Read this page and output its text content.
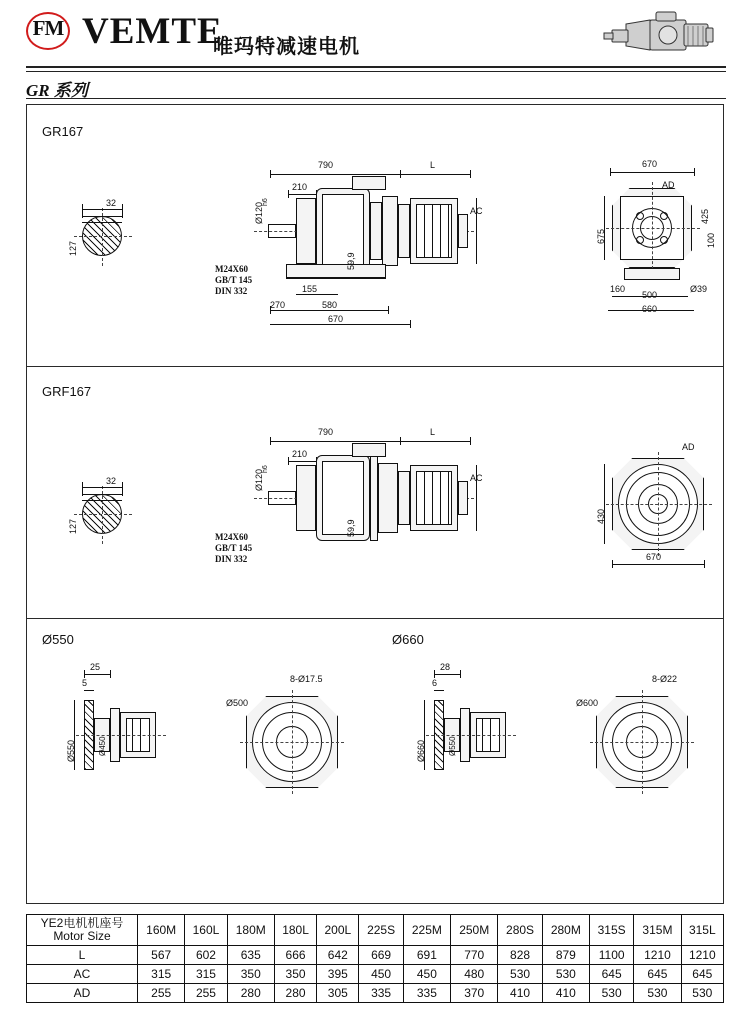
FM VEMTE
唯玛特减速电机
GR 系列
GR167
32
127
790	L
AC
59,9
210
Ø120
h6
155
270	580
670
M24X60
GB/T 145
DIN 332
670
AD
675
425
100
160	Ø39
500
660
GRF167
32
127
790	L
AC
59,9
210
Ø120
h6
M24X60
GB/T 145
DIN 332
AD
430
670
Ø550	Ø660
25
5
Ø550	Ø450
8-Ø17.5
Ø500
28
6
Ø660	Ø550
8-Ø22
Ø600
YE2电机机座号
Motor Size	160M	160L	180M	180L	200L	225S	225M	250M	280S	280M	315S	315M	315L
L	567	602	635	666	642	669	691	770	828	879	1100	1210	1210
AC	315	315	350	350	395	450	450	480	530	530	645	645	645
AD	255	255	280	280	305	335	335	370	410	410	530	530	530
